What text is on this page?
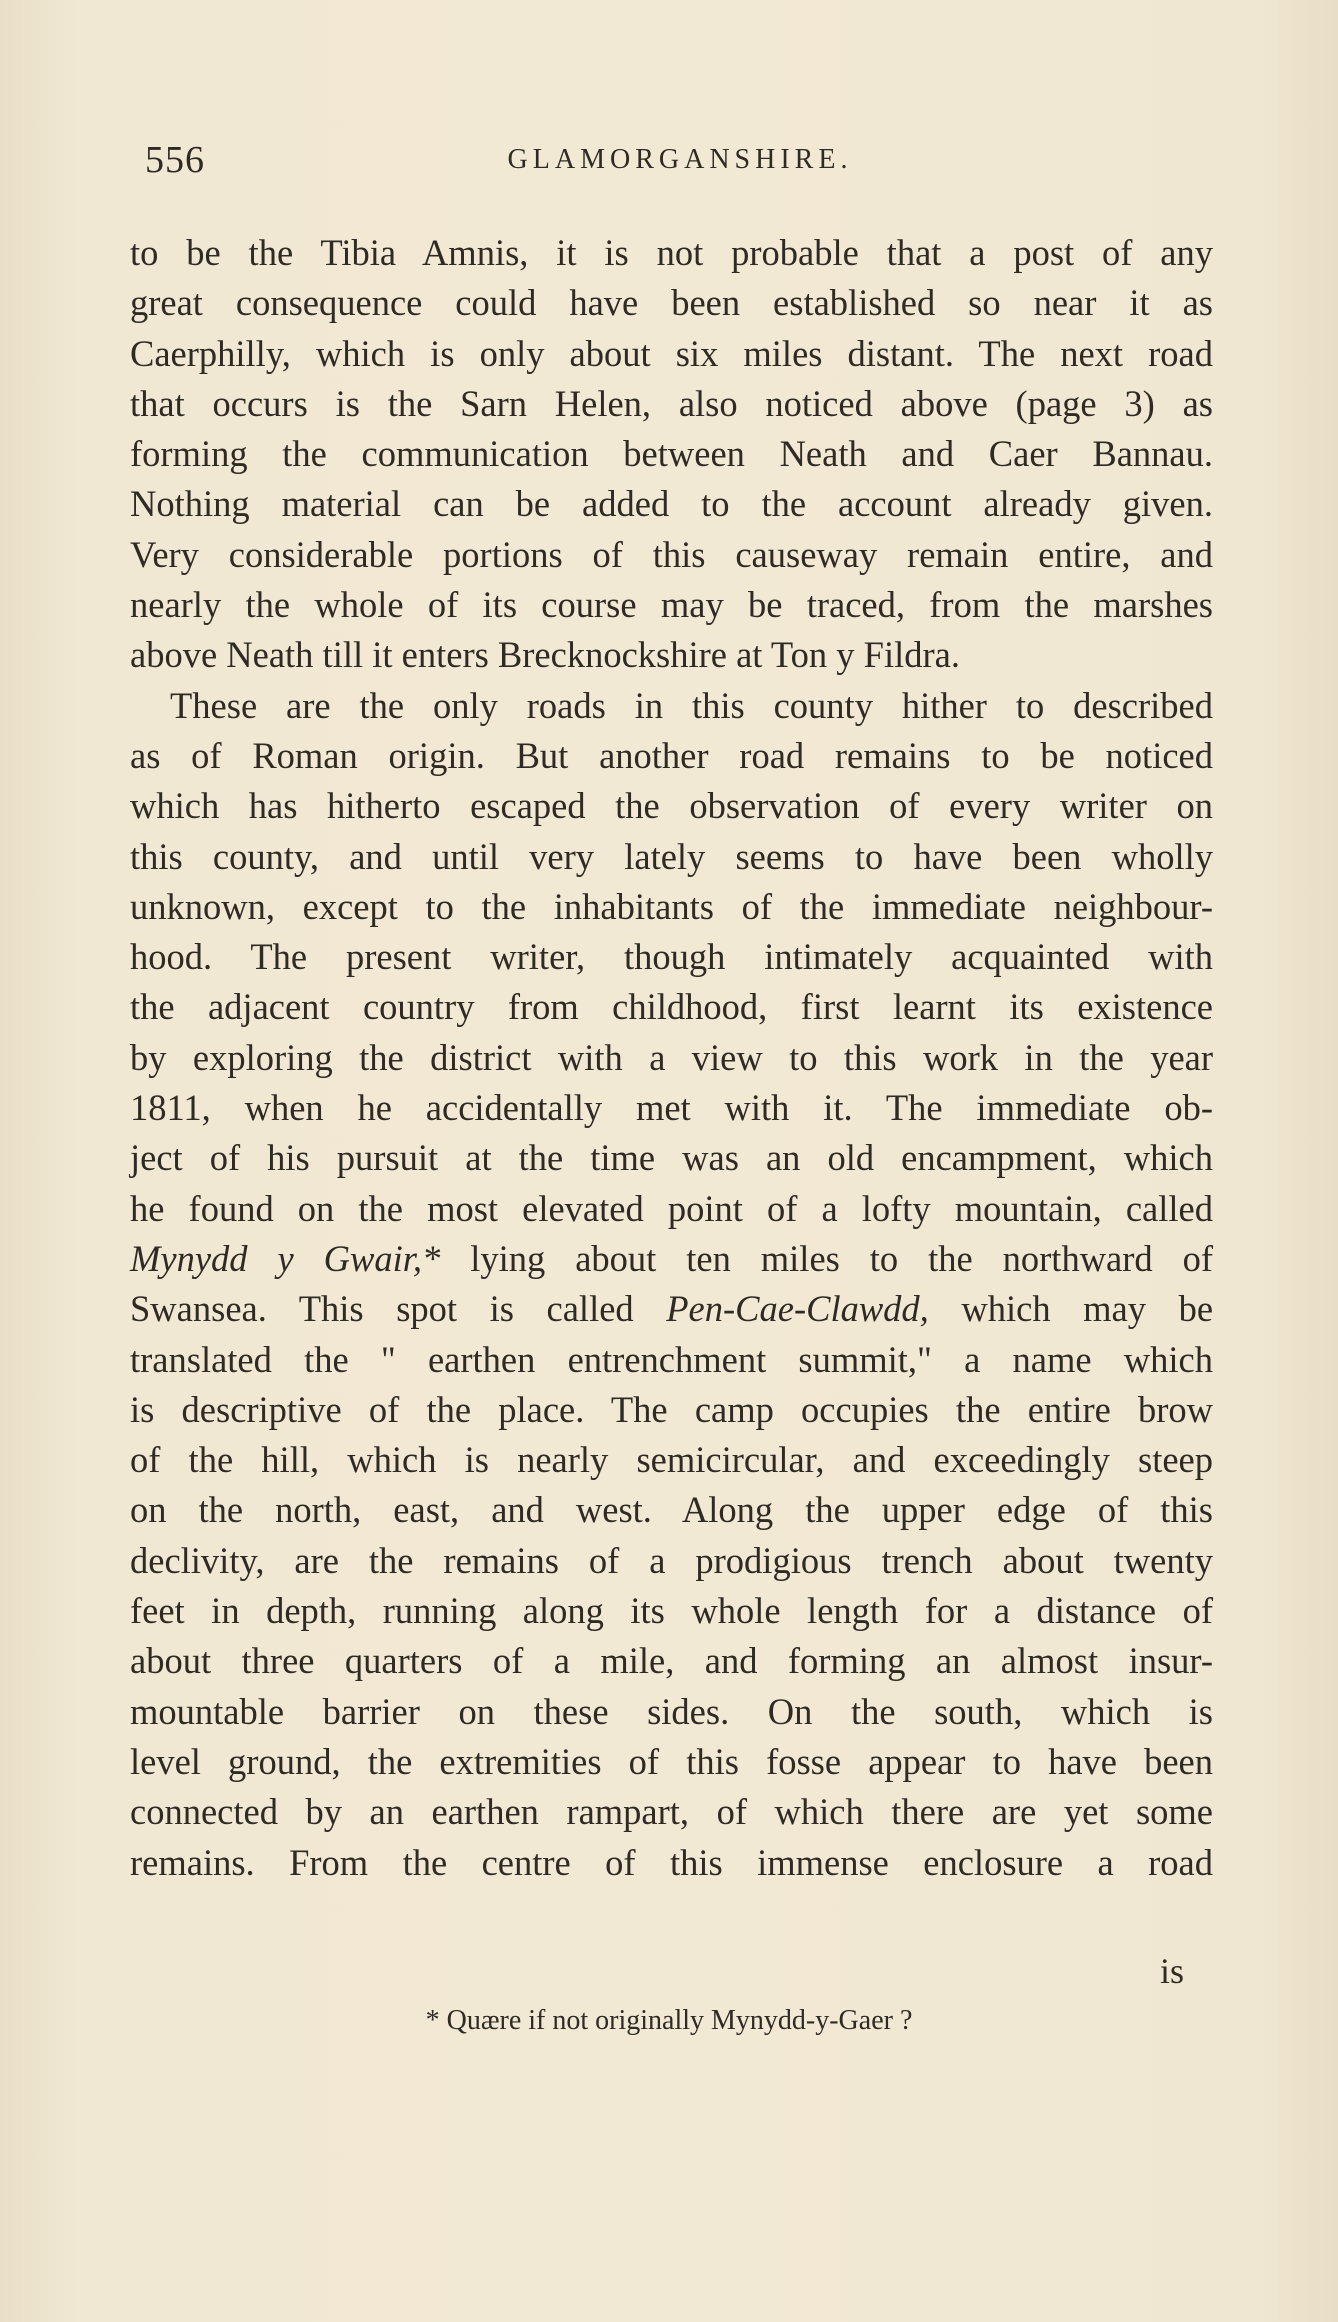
556	GLAMORGANSHIRE.
to be the Tibia Amnis, it is not probable that a post of any
great consequence could have been established so near it as
Caerphilly, which is only about six miles distant. The next road
that occurs is the Sarn Helen, also noticed above (page 3) as
forming the communication between Neath and Caer Bannau.
Nothing material can be added to the account already given.
Very considerable portions of this causeway remain entire, and
nearly the whole of its course may be traced, from the marshes
above Neath till it enters Brecknockshire at Ton y Fildra.
These are the only roads in this county hither to described
as of Roman origin. But another road remains to be noticed
which has hitherto escaped the observation of every writer on
this county, and until very lately seems to have been wholly
unknown, except to the inhabitants of the immediate neighbour-
hood. The present writer, though intimately acquainted with
the adjacent country from childhood, first learnt its existence
by exploring the district with a view to this work in the year
1811, when he accidentally met with it. The immediate ob-
ject of his pursuit at the time was an old encampment, which
he found on the most elevated point of a lofty mountain, called
Mynydd y Gwair,* lying about ten miles to the northward of
Swansea. This spot is called Pen-Cae-Clawdd, which may be
translated the " earthen entrenchment summit," a name which
is descriptive of the place. The camp occupies the entire brow
of the hill, which is nearly semicircular, and exceedingly steep
on the north, east, and west. Along the upper edge of this
declivity, are the remains of a prodigious trench about twenty
feet in depth, running along its whole length for a distance of
about three quarters of a mile, and forming an almost insur-
mountable barrier on these sides. On the south, which is
level ground, the extremities of this fosse appear to have been
connected by an earthen rampart, of which there are yet some
remains. From the centre of this immense enclosure a road
is
* Quære if not originally Mynydd-y-Gaer ?
